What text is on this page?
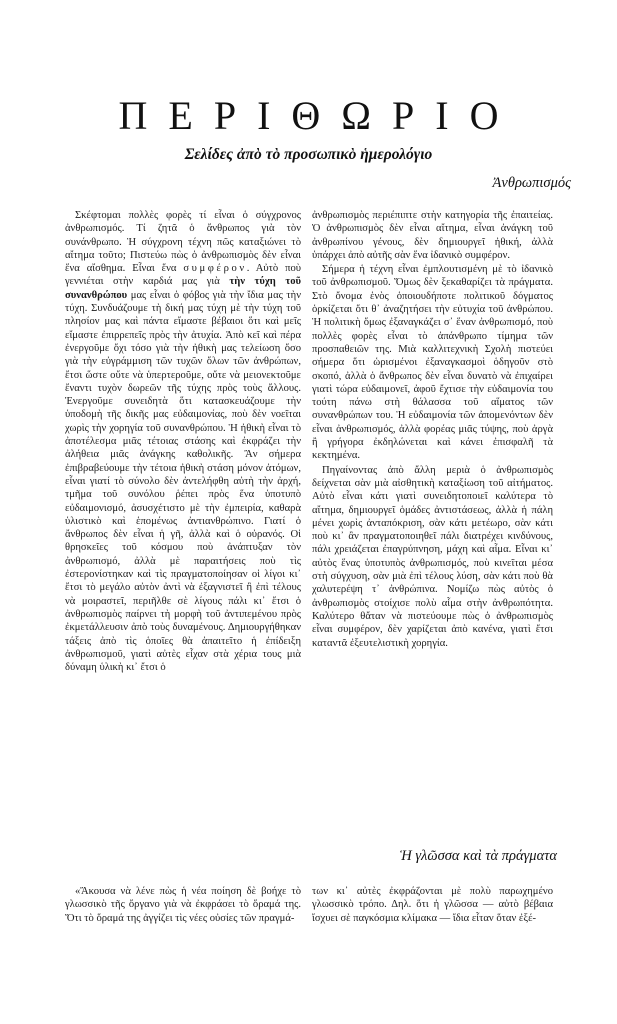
ΠΕΡΙΘΩΡΙΟ
Σελίδες ἀπὸ τὸ προσωπικὸ ἡμερολόγιο
Ἀνθρωπισμός

Σκέφτομαι πολλὲς φορὲς τί εἶναι ὁ σύγχρονος ἀνθρωπισμός. Τί ζητᾶ ὁ ἄνθρωπος γιὰ τὸν συνάνθρωπο. Ἡ σύγχρονη τέχνη πῶς καταξιώνει τὸ αἴτημα τοῦτο; Πιστεύω πὼς ὁ ἀνθρωπισμὸς δὲν εἶναι ἕνα αἴσθημα. Εἶναι ἕνα συμφέρον. Αὐτὸ ποὺ γεννιέται στὴν καρδιά μας γιὰ τὴν τύχη τοῦ συνανθρώπου μας εἶναι ὁ φόβος γιὰ τὴν ἴδια μας τὴν τύχη. Συνδυάζουμε τὴ δική μας τύχη μὲ τὴν τύχη τοῦ πλησίον μας καὶ πάντα εἴμαστε βέβαιοι ὅτι καὶ μεῖς εἴμαστε ἐπιρρεπεῖς πρὸς τὴν ἀτυχία. Ἀπὸ κεῖ καὶ πέρα ἐνεργοῦμε ὄχι τόσο γιὰ τὴν ἠθικὴ μας τελείωση ὅσο γιὰ τὴν εὐγράμμιση τῶν τυχῶν ὅλων τῶν ἀνθρώπων, ἔτσι ὥστε οὔτε νὰ ὑπερτεροῦμε, οὔτε νὰ μειονεκτοῦμε ἔναντι τυχὸν δωρεῶν τῆς τύχης πρὸς τοὺς ἄλλους. Ἐνεργοῦμε συνειδητὰ ὅτι κατασκευάζουμε τὴν ὑποδομὴ τῆς δικῆς μας εὐδαιμονίας, ποὺ δὲν νοεῖται χωρὶς τὴν χορηγία τοῦ συνανθρώπου. Ἡ ἠθικὴ εἶναι τὸ ἀποτέλεσμα μιᾶς τέτοιας στάσης καὶ ἐκφράζει τὴν ἀλήθεια μιᾶς ἀνάγκης καθολικῆς. Ἂν σήμερα ἐπιβραβεύουμε τὴν τέτοια ἠθικὴ στάση μόνον ἀτόμων, εἶναι γιατί τὸ σύνολο δὲν ἀντελήφθη αὐτὴ τὴν ἀρχή, τμῆμα τοῦ συνόλου ῥέπει πρὸς ἕνα ὑποτυπὸ εὐδαιμονισμό, ἀσυσχέτιστο μὲ τὴν ἐμπειρία, καθαρὰ ὑλιστικὸ καὶ ἑπομένως ἀντιανθρώπινο. Γιατί ὁ ἄνθρωπος δὲν εἶναι ἡ γῆ, ἀλλὰ καὶ ὁ οὐρανός. Οἱ θρησκεῖες τοῦ κόσμου ποὺ ἀνάπτυξαν τὸν ἀνθρωπισμό, ἀλλὰ μὲ παραιτήσεις ποὺ τὶς ἐστερονίστηκαν καὶ τὶς πραγματοποίησαν οἱ λίγοι κι᾽ ἔτσι τὸ μεγάλο αὐτὸν ἀντὶ νὰ ἐξαγνιστεῖ ἢ ἐπὶ τέλους νὰ μοιραστεῖ, περιῆλθε σὲ λίγους πάλι κι᾽ ἔτσι ὁ ἀνθρωπισμὸς παίρνει τὴ μορφὴ τοῦ ἀντιπεμένου πρὸς ἐκμετάλλευσιν ἀπὸ τοὺς δυναμένους. Δημιουργήθηκαν τάξεις ἀπὸ τὶς ὁποῖες θὰ ἀπαιτεῖτο ἡ ἐπίδειξη ἀνθρωπισμοῦ, γιατὶ αὐτὲς εἶχαν στὰ χέρια τους μιὰ δύναμη ὑλικὴ κι᾽ ἔτσι ὁ

ἀνθρωπισμὸς περιέπιπτε στὴν κατηγορία τῆς ἐπαιτείας. Ὁ ἀνθρωπισμὸς δὲν εἶναι αἴτημα, εἶναι ἀνάγκη τοῦ ἀνθρωπίνου γένους, δὲν δημιουργεῖ ἠθική, ἀλλὰ ὑπάρχει ἀπὸ αὐτῆς σὰν ἕνα ἰδανικὸ συμφέρον.

Σήμερα ἡ τέχνη εἶναι ἐμπλουτισμένη μὲ τὸ ἰδανικὸ τοῦ ἀνθρωπισμοῦ. Ὅμως δὲν ξεκαθαρίζει τὰ πράγματα. Στὸ ὄνομα ἑνὸς ὁποιουδήποτε πολιτικοῦ δόγματος ὁρκίζεται ὅτι θ᾽ ἀναζητήσει τὴν εὐτυχία τοῦ ἀνθρώπου. Ἡ πολιτικὴ ὅμως ἐξαναγκάζει σ᾽ ἕναν ἀνθρωπισμό, ποὺ πολλὲς φορὲς εἶναι τὸ ἀπάνθρωπο τίμημα τῶν προσπαθειῶν της. Μιὰ καλλιτεχνικὴ Σχολὴ πιστεύει σήμερα ὅτι ὡρισμένοι ἐξαναγκασμοὶ ὁδηγοῦν στὸ σκοπό, ἀλλὰ ὁ ἄνθρωπος δὲν εἶναι δυνατὸ νὰ ἐπιχαίρει γιατὶ τώρα εὐδαιμονεῖ, ἀφοῦ ἔχτισε τὴν εὐδαιμονία του τούτη πάνω στὴ θάλασσα τοῦ αἵματος τῶν συνανθρώπων του. Ἡ εὐδαιμονία τῶν ἀπομενόντων δὲν εἶναι ἀνθρωπισμός, ἀλλὰ φορέας μιᾶς τύψης, ποὺ ἀργὰ ἢ γρήγορα ἐκδηλώνεται καὶ κάνει ἐπισφαλῆ τὰ κεκτημένα.

Πηγαίνοντας ἀπὸ ἄλλη μεριὰ ὁ ἀνθρωπισμὸς δείχνεται σὰν μιὰ αἰσθητικὴ καταξίωση τοῦ αἰτήματος. Αὐτὸ εἶναι κάτι γιατὶ συνειδητοποιεῖ καλύτερα τὸ αἴτημα, δημιουργεῖ ὁμάδες ἀντιστάσεως, ἀλλὰ ἡ πάλη μένει χωρὶς ἀνταπόκριση, σὰν κάτι μετέωρο, σὰν κάτι ποὺ κι᾽ ἂν πραγματοποιηθεῖ πάλι διατρέχει κινδύνους, πάλι χρειάζεται ἐπαγρύπνηση, μάχη καὶ αἷμα. Εἶναι κι᾽ αὐτὸς ἕνας ὑποτυπὸς ἀνθρωπισμός, ποὺ κινεῖται μέσα στὴ σύγχυση, σὰν μιὰ ἐπὶ τέλους λύση, σὰν κάτι ποὺ θὰ χαλυτερέψη τ᾽ ἀνθρώπινα. Νομίζω πὼς αὐτὸς ὁ ἀνθρωπισμὸς στοίχισε πολὺ αἷμα στὴν ἀνθρωπότητα. Καλύτερο θἄταν νὰ πιστεύουμε πὼς ὁ ἀνθρωπισμὸς εἶναι συμφέρον, δὲν χαρίζεται ἀπὸ κανένα, γιατὶ ἔτσι καταντᾶ ἐξευτελιστικὴ χορηγία.

Ἡ γλῶσσα καὶ τὰ πράγματα

«Ἄκουσα νὰ λένε πὼς ἡ νέα ποίηση δὲ βοήχε τὸ γλωσσικὸ τῆς ὄργανο γιὰ νὰ ἐκφράσει τὸ ὅραμά της. Ὅτι τὸ ὅραμά της ἀγγίζει τὶς νέες οὐσίες τῶν πραγμά-

των κι᾽ αὐτὲς ἐκφράζονται μὲ πολὺ παρωχημένο γλωσσικὸ τρόπο. Δηλ. ὅτι ἡ γλῶσσα — αὐτὸ βέβαια ἴσχυει σὲ παγκόσμια κλίμακα — ἴδια εἶταν ὅταν ἐξέ-
